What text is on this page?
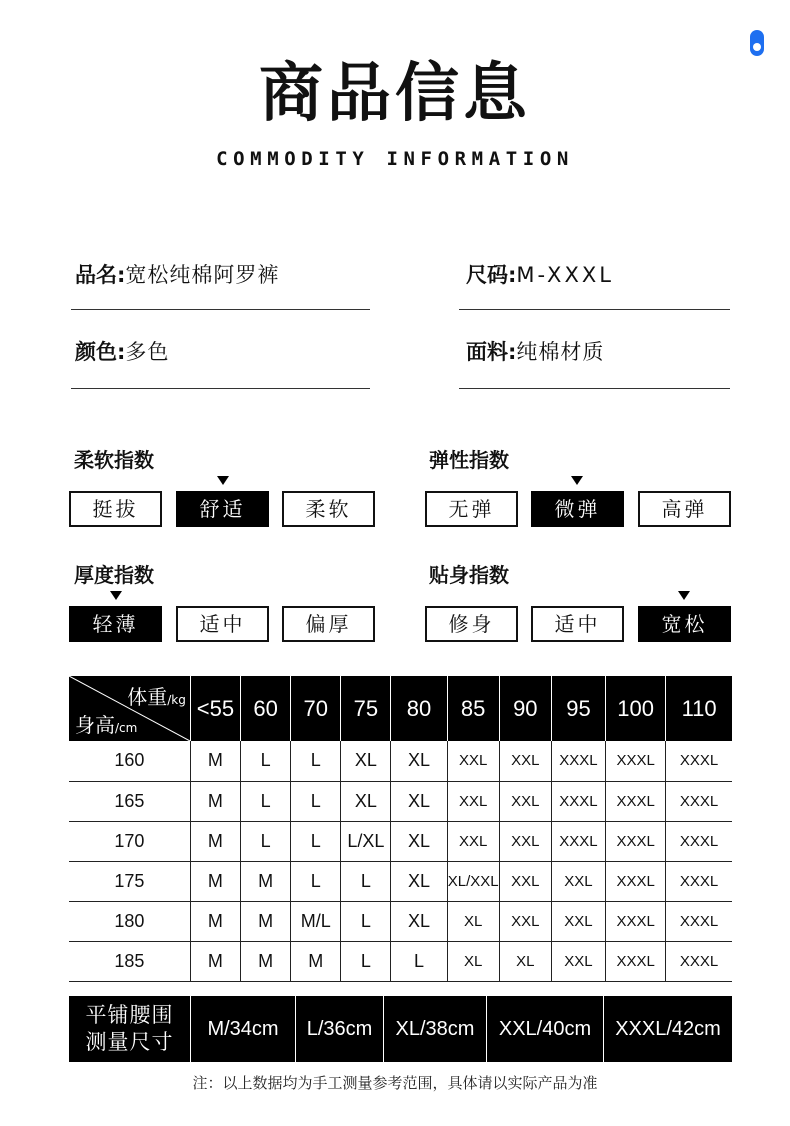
商品信息
COMMODITY INFORMATION
品名:宽松纯棉阿罗裤	尺码:M-XXXL
颜色:多色	面料:纯棉材质
柔软指数
挺拔	舒适	柔软
弹性指数
无弹	微弹	高弹
厚度指数
轻薄	适中	偏厚
贴身指数
修身	适中	宽松
体重/kg
身高/cm	<55	60	70	75	80	85	90	95	100	110
160	M	L	L	XL	XL	XXL	XXL	XXXL	XXXL	XXXL
165	M	L	L	XL	XL	XXL	XXL	XXXL	XXXL	XXXL
170	M	L	L	L/XL	XL	XXL	XXL	XXXL	XXXL	XXXL
175	M	M	L	L	XL	XL/XXL	XXL	XXL	XXXL	XXXL
180	M	M	M/L	L	XL	XL	XXL	XXL	XXXL	XXXL
185	M	M	M	L	L	XL	XL	XXL	XXXL	XXXL
平铺腰围
测量尺寸
M/34cm	L/36cm	XL/38cm	XXL/40cm	XXXL/42cm
注：以上数据均为手工测量参考范围，具体请以实际产品为准
